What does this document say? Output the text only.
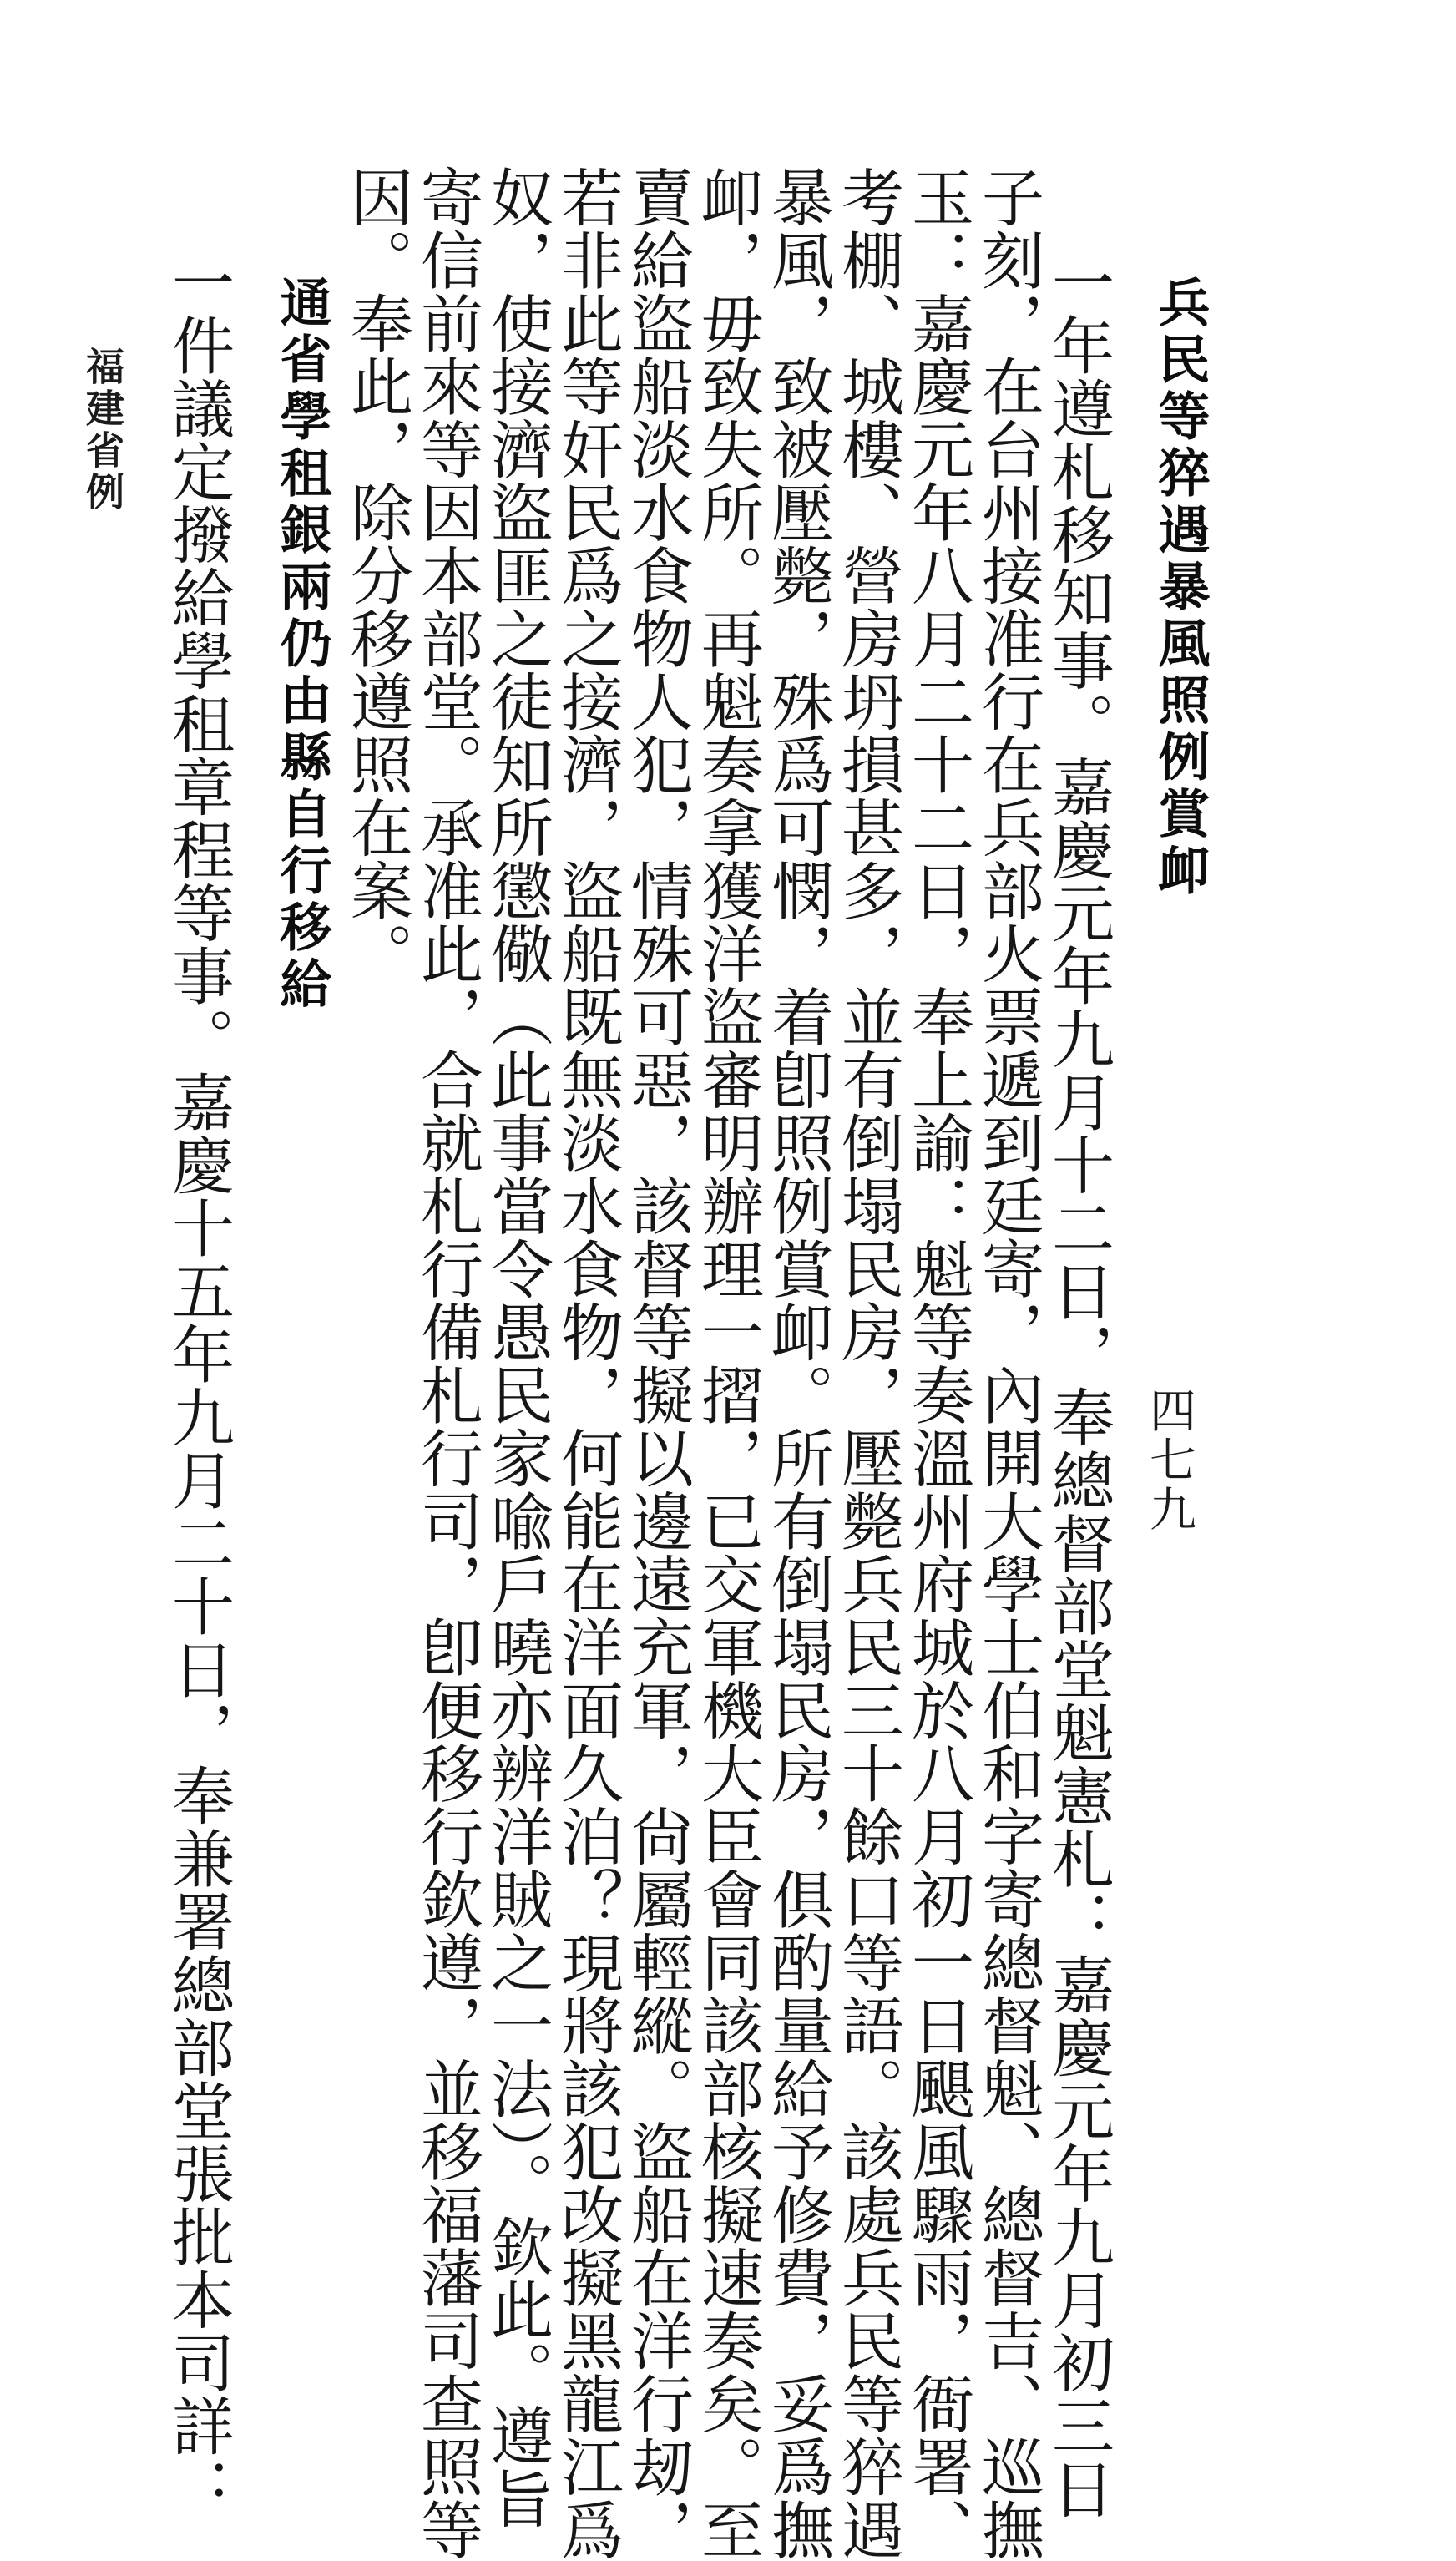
兵民等猝遇暴風照例賞卹
一年遵札移知事。嘉慶元年九月十二日，奉總督部堂魁憲札：嘉慶元年九月初三日
子刻，在台州接准行在兵部火票遞到廷寄，內開大學士伯和字寄總督魁、總督吉、巡撫
玉：嘉慶元年八月二十二日，奉上諭：魁等奏溫州府城於八月初一日颶風驟雨，衙署、
考棚、城樓、營房坍損甚多，並有倒塌民房，壓斃兵民三十餘口等語。該處兵民等猝遇
暴風，致被壓斃，殊爲可憫，着卽照例賞卹。所有倒塌民房，俱酌量給予修費，妥爲撫
卹，毋致失所。再魁奏拿獲洋盜審明辦理一摺，已交軍機大臣會同該部核擬速奏矣。至
賣給盜船淡水食物人犯，情殊可惡，該督等擬以邊遠充軍，尙屬輕縱。盜船在洋行刼，
若非此等奸民爲之接濟，盜船既無淡水食物，何能在洋面久泊？現將該犯改擬黑龍江爲
奴，使接濟盜匪之徒知所懲儆（此事當令愚民家喩戶曉亦辨洋賊之一法）。欽此。遵旨
寄信前來等因本部堂。承准此，合就札行備札行司，卽便移行欽遵，並移福藩司查照等
因。奉此，除分移遵照在案。
通省學租銀兩仍由縣自行移給
一件議定撥給學租章程等事。嘉慶十五年九月二十日，奉兼署總部堂張批本司詳：
福建省例
四七九
